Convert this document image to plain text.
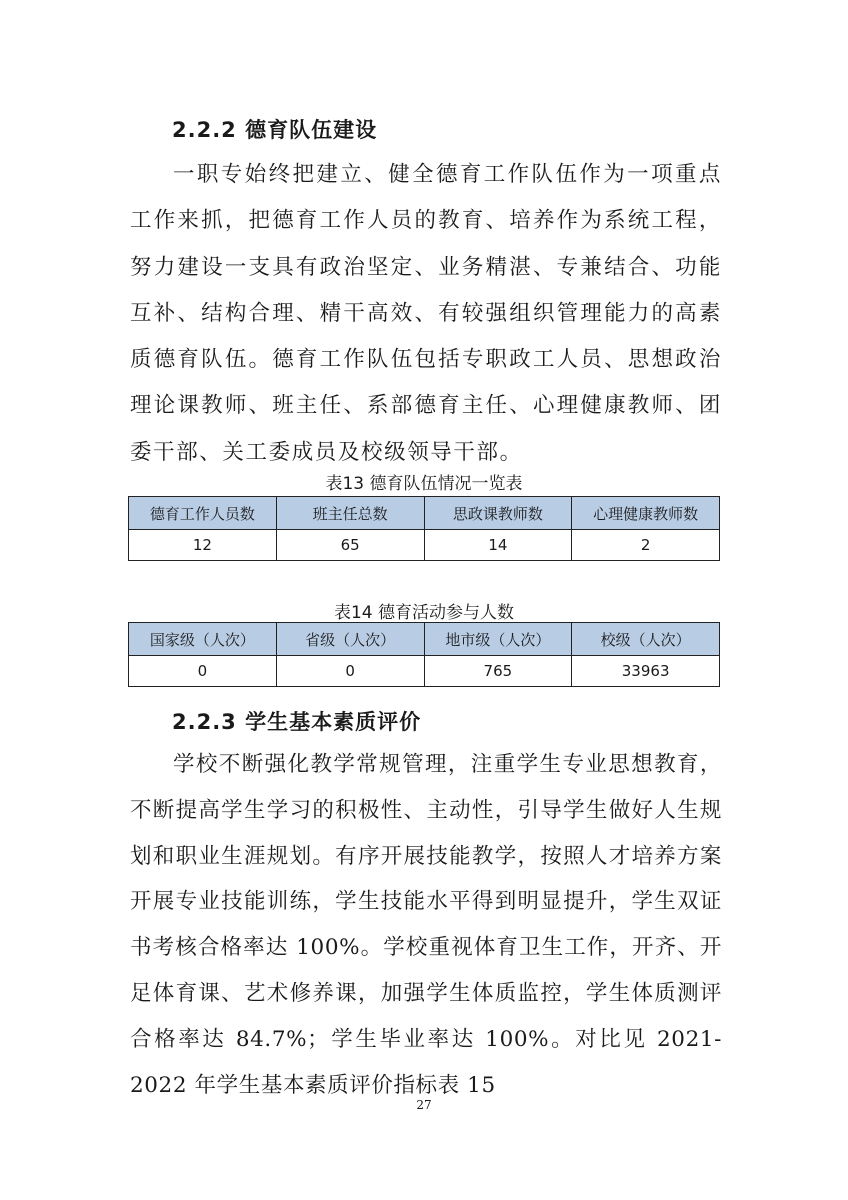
2.2.2 德育队伍建设

一职专始终把建立、健全德育工作队伍作为一项重点工作来抓，把德育工作人员的教育、培养作为系统工程，努力建设一支具有政治坚定、业务精湛、专兼结合、功能互补、结构合理、精干高效、有较强组织管理能力的高素质德育队伍。德育工作队伍包括专职政工人员、思想政治理论课教师、班主任、系部德育主任、心理健康教师、团委干部、关工委成员及校级领导干部。

表13 德育队伍情况一览表
德育工作人员数	班主任总数	思政课教师数	心理健康教师数
12	65	14	2
表14 德育活动参与人数
国家级（人次）	省级（人次）	地市级（人次）	校级（人次）
0	0	765	33963
2.2.3 学生基本素质评价

学校不断强化教学常规管理，注重学生专业思想教育，不断提高学生学习的积极性、主动性，引导学生做好人生规划和职业生涯规划。有序开展技能教学，按照人才培养方案开展专业技能训练，学生技能水平得到明显提升，学生双证书考核合格率达 100%。学校重视体育卫生工作，开齐、开足体育课、艺术修养课，加强学生体质监控，学生体质测评合格率达 84.7%；学生毕业率达 100%。对比见 2021-2022 年学生基本素质评价指标表 15

27
